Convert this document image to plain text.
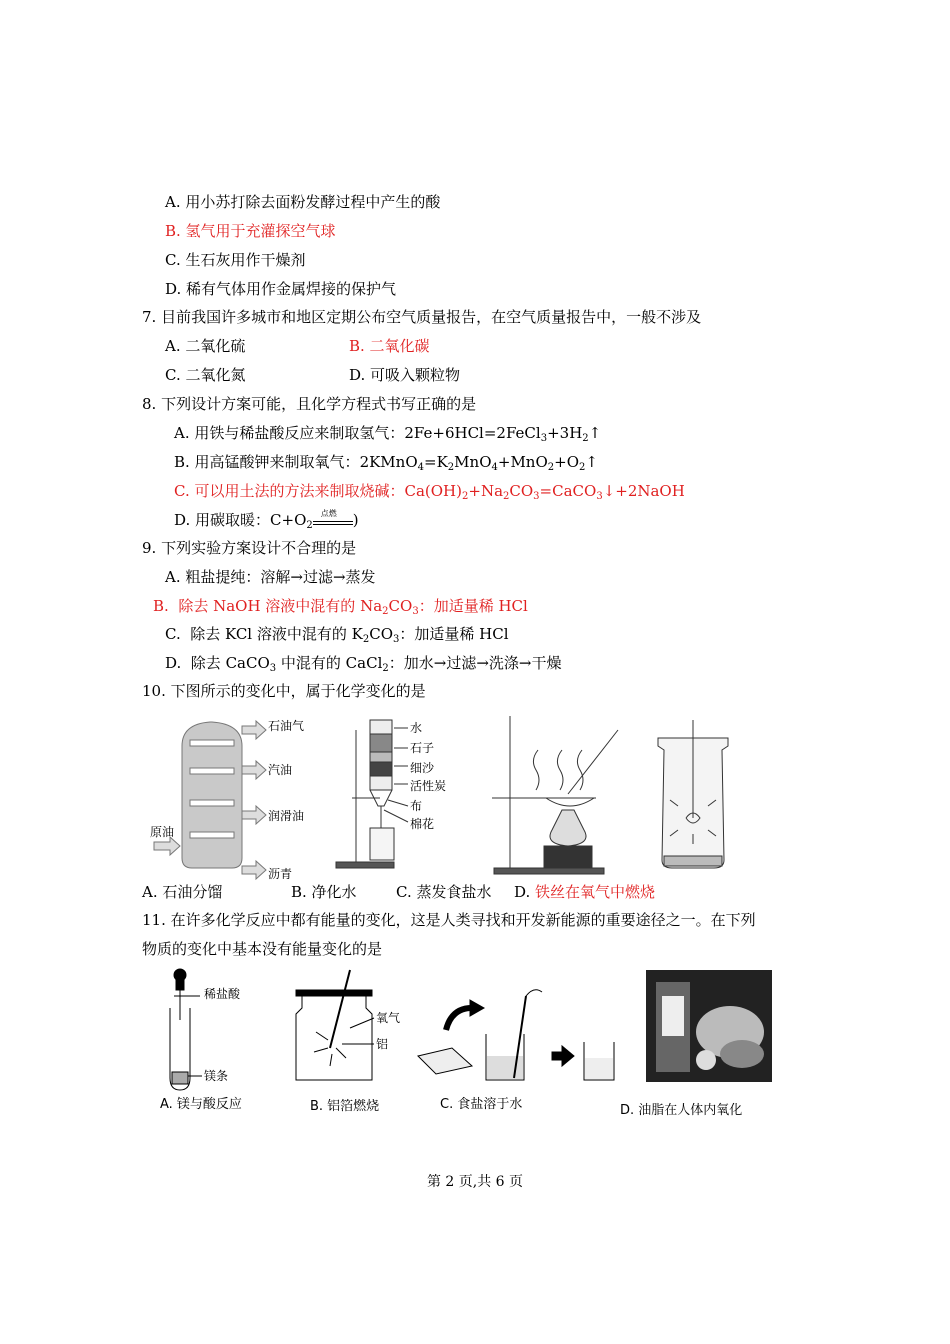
A. 用小苏打除去面粉发酵过程中产生的酸
B. 氢气用于充灌探空气球
C. 生石灰用作干燥剂
D. 稀有气体用作金属焊接的保护气
7. 目前我国许多城市和地区定期公布空气质量报告，在空气质量报告中，一般不涉及
A. 二氧化硫	B. 二氧化碳
C. 二氧化氮	D. 可吸入颗粒物
8. 下列设计方案可能，且化学方程式书写正确的是
A. 用铁与稀盐酸反应来制取氢气：$2Fe+6HCl=2FeCl_3+3H_2↑$
B. 用高锰酸钾来制取氧气：$2KMnO_4=K_2MnO_4+MnO_2+O_2↑$
C. 可以用土法的方法来制取烧碱：$Ca(OH)_2+Na_2CO_3=CaCO_3↓+2NaOH$
D. 用碳取暖：$C+O_2$
点燃 )
9. 下列实验方案设计不合理的是
A. 粗盐提纯：溶解→过滤→蒸发
B.  除去 NaOH 溶液中混有的 $Na_2CO_3$：加适量稀 HCl
C.  除去 KCl 溶液中混有的 $K_2CO_3$：加适量稀 HCl
D.  除去 CaCO$_3$ 中混有的 CaCl$_2$：加水→过滤→洗涤→干燥
10. 下图所示的变化中，属于化学变化的是
石油气
汽油
润滑油
原油
沥青
水
石子
细沙
活性炭
布
棉花
A. 石油分馏	B. 净化水	C. 蒸发食盐水 D. 铁丝在氧气中燃烧
11. 在许多化学反应中都有能量的变化，这是人类寻找和开发新能源的重要途径之一。在下列
物质的变化中基本没有能量变化的是
稀盐酸
镁条
A. 镁与酸反应
氧气
铝
B. 铝箔燃烧	C. 食盐溶于水	D. 油脂在人体内氧化
第 2 页,共 6 页
